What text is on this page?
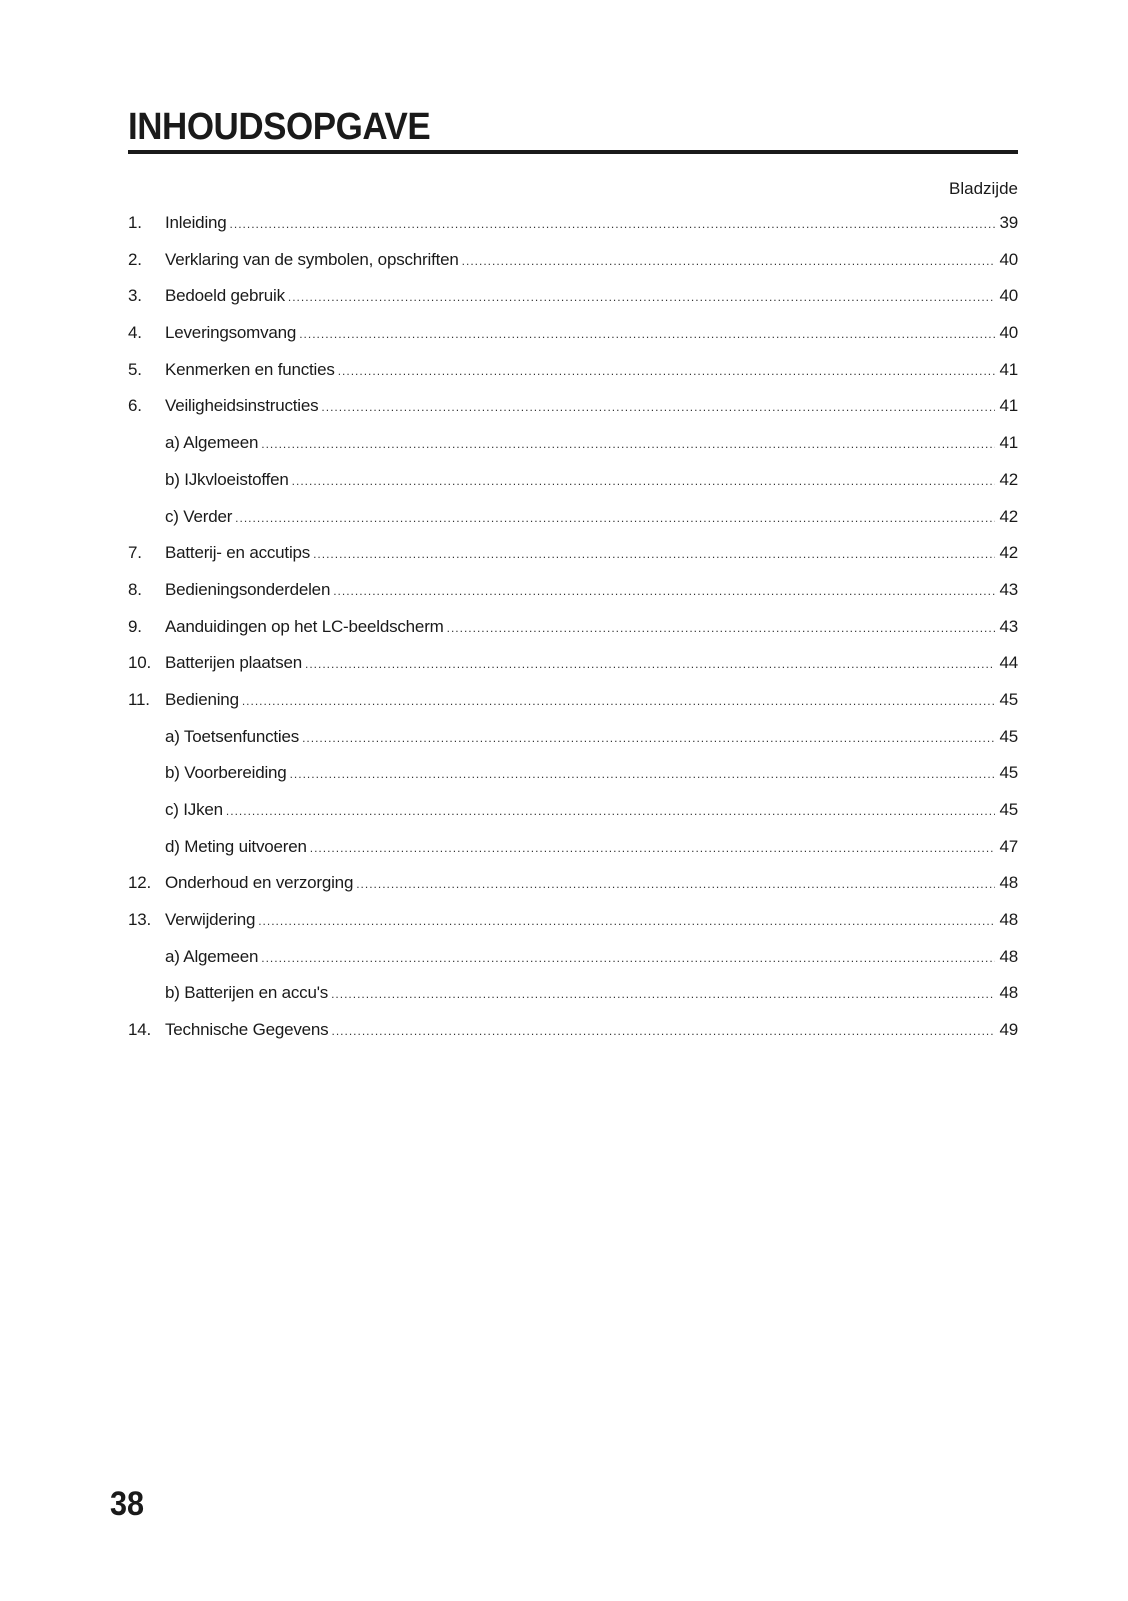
INHOUDSOPGAVE
Bladzijde
1.	Inleiding .....	39
2.	Verklaring van de symbolen, opschriften .....	40
3.	Bedoeld gebruik .....	40
4.	Leveringsomvang .....	40
5.	Kenmerken en functies .....	41
6.	Veiligheidsinstructies .....	41
a) Algemeen .....	41
b) IJkvloeistoffen .....	42
c) Verder .....	42
7.	Batterij- en accutips .....	42
8.	Bedieningsonderdelen .....	43
9.	Aanduidingen op het LC-beeldscherm .....	43
10. Batterijen plaatsen .....	44
11. Bediening .....	45
a) Toetsenfuncties .....	45
b) Voorbereiding .....	45
c) IJken .....	45
d) Meting uitvoeren .....	47
12. Onderhoud en verzorging .....	48
13. Verwijdering .....	48
a) Algemeen .....	48
b) Batterijen en accu's .....	48
14. Technische Gegevens .....	49
38
